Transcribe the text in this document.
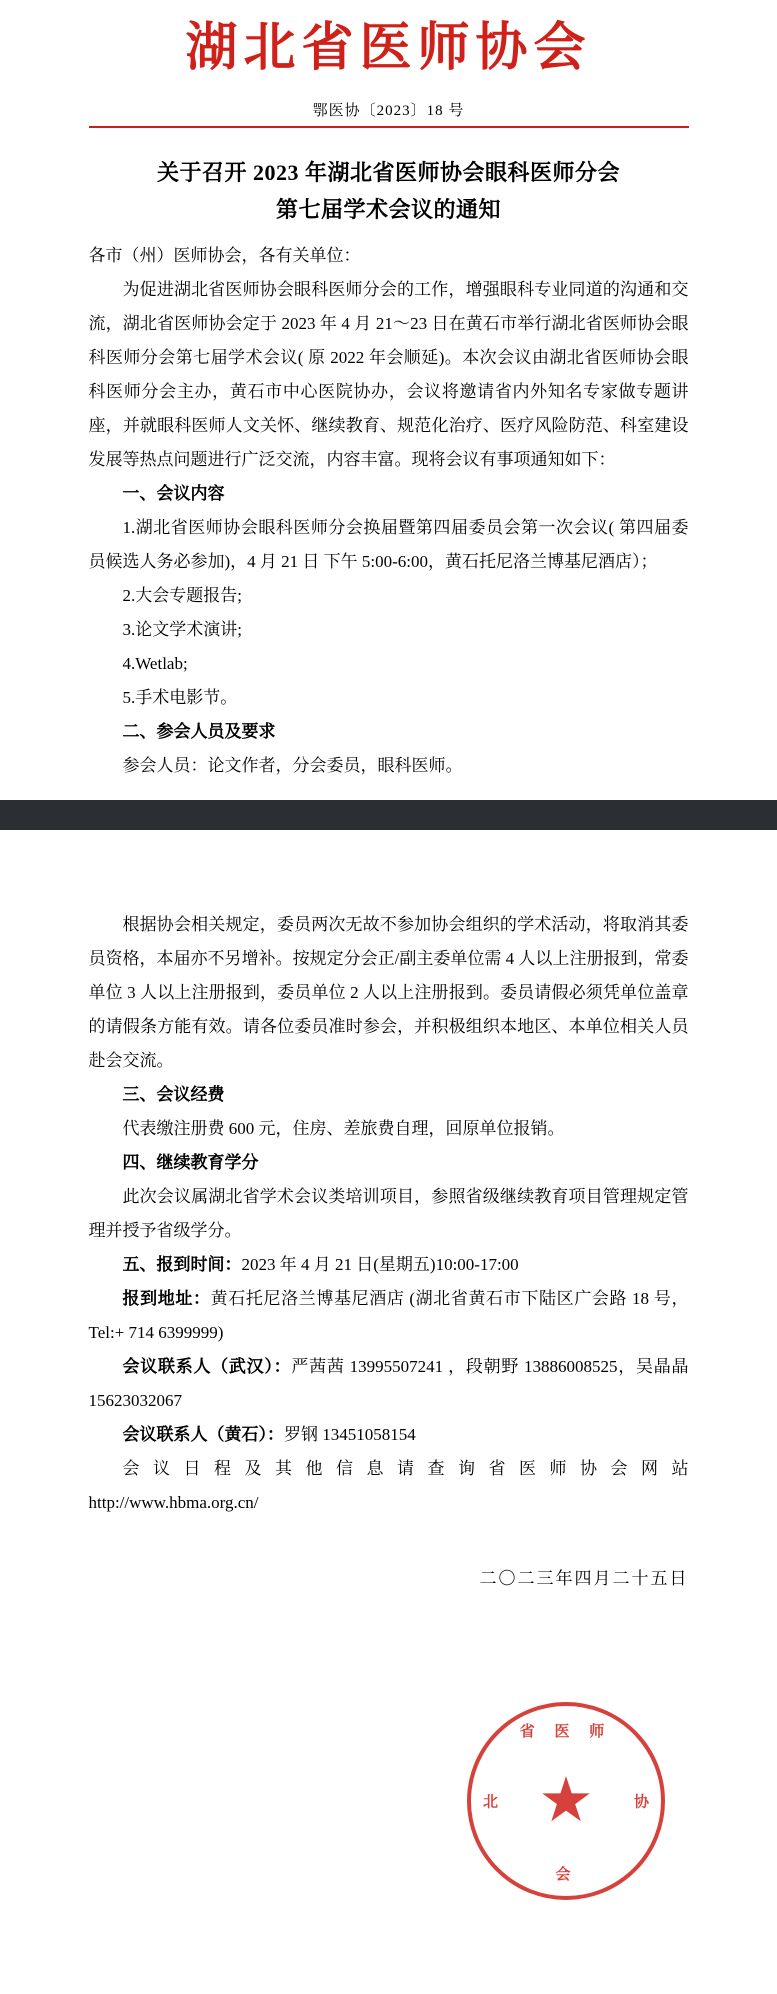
湖北省医师协会
鄂医协〔2023〕18 号
关于召开 2023 年湖北省医师协会眼科医师分会
第七届学术会议的通知

各市（州）医师协会，各有关单位：

为促进湖北省医师协会眼科医师分会的工作，增强眼科专业同道的沟通和交流，湖北省医师协会定于 2023 年 4 月 21～23 日在黄石市举行湖北省医师协会眼科医师分会第七届学术会议( 原 2022 年会顺延)。本次会议由湖北省医师协会眼科医师分会主办，黄石市中心医院协办，会议将邀请省内外知名专家做专题讲座，并就眼科医师人文关怀、继续教育、规范化治疗、医疗风险防范、科室建设发展等热点问题进行广泛交流，内容丰富。现将会议有事项通知如下：

一、会议内容

1.湖北省医师协会眼科医师分会换届暨第四届委员会第一次会议( 第四届委员候选人务必参加)，4 月 21 日 下午 5:00-6:00，黄石托尼洛兰博基尼酒店）；

2.大会专题报告;

3.论文学术演讲;

4.Wetlab;

5.手术电影节。

二、参会人员及要求

参会人员：论文作者，分会委员，眼科医师。

根据协会相关规定，委员两次无故不参加协会组织的学术活动，将取消其委员资格，本届亦不另增补。按规定分会正/副主委单位需 4 人以上注册报到，常委单位 3 人以上注册报到，委员单位 2 人以上注册报到。委员请假必须凭单位盖章的请假条方能有效。请各位委员准时参会，并积极组织本地区、本单位相关人员赴会交流。

三、会议经费

代表缴注册费 600 元，住房、差旅费自理，回原单位报销。

四、继续教育学分

此次会议属湖北省学术会议类培训项目，参照省级继续教育项目管理规定管理并授予省级学分。

五、报到时间：2023 年 4 月 21 日(星期五)10:00-17:00

报到地址：黄石托尼洛兰博基尼酒店 (湖北省黄石市下陆区广会路 18 号，Tel:+ 714 6399999)

会议联系人（武汉）：严茜茜 13995507241 ，段朝野 13886008525，吴晶晶 15623032067

会议联系人（黄石）：罗钢 13451058154

会 议 日 程 及 其 他 信 息 请 查 询 省 医 师 协 会 网 站

http://www.hbma.org.cn/

二〇二三年四月二十五日
省 医 师
北	协
★
会
